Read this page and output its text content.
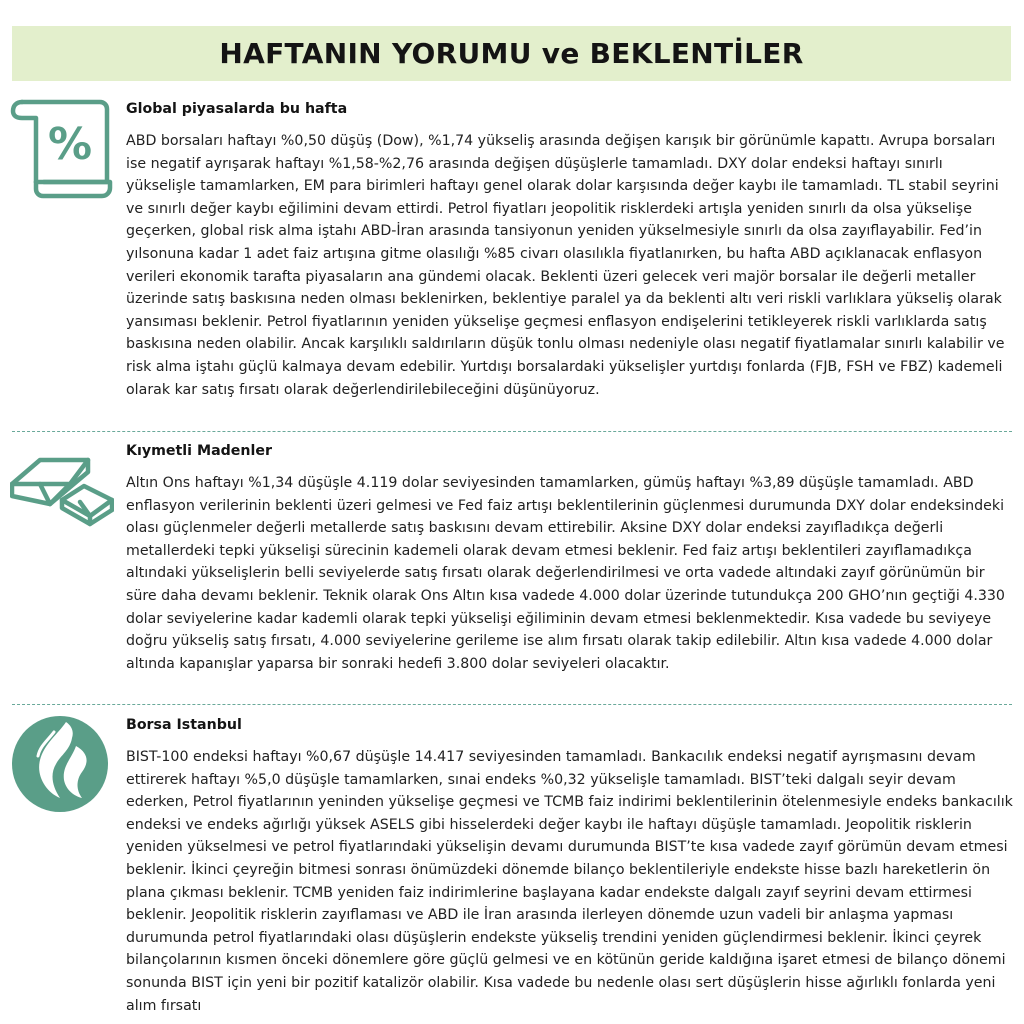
HAFTANIN YORUMU ve BEKLENTİLER
%
Global piyasalarda bu hafta

ABD borsaları haftayı %0,50 düşüş (Dow), %1,74 yükseliş arasında değişen karışık bir görünümle kapattı. Avrupa borsaları ise negatif ayrışarak haftayı %1,58-%2,76 arasında değişen düşüşlerle tamamladı. DXY dolar endeksi haftayı sınırlı yükselişle tamamlarken, EM para birimleri haftayı genel olarak dolar karşısında değer kaybı ile tamamladı. TL stabil seyrini ve sınırlı değer kaybı eğilimini devam ettirdi. Petrol fiyatları jeopolitik risklerdeki artışla yeniden sınırlı da olsa yükselişe geçerken, global risk alma iştahı ABD-İran arasında tansiyonun yeniden yükselmesiyle sınırlı da olsa zayıflayabilir. Fed’in yılsonuna kadar 1 adet faiz artışına gitme olasılığı %85 civarı olasılıkla fiyatlanırken, bu hafta ABD açıklanacak enflasyon verileri ekonomik tarafta piyasaların ana gündemi olacak. Beklenti üzeri gelecek veri majör borsalar ile değerli metaller üzerinde satış baskısına neden olması beklenirken, beklentiye paralel ya da beklenti altı veri riskli varlıklara yükseliş olarak yansıması beklenir. Petrol fiyatlarının yeniden yükselişe geçmesi enflasyon endişelerini tetikleyerek riskli varlıklarda satış baskısına neden olabilir. Ancak karşılıklı saldırıların düşük tonlu olması nedeniyle olası negatif fiyatlamalar sınırlı kalabilir ve risk alma iştahı güçlü kalmaya devam edebilir. Yurtdışı borsalardaki yükselişler yurtdışı fonlarda (FJB, FSH ve FBZ) kademeli olarak kar satış fırsatı olarak değerlendirilebileceğini düşünüyoruz.

Kıymetli Madenler

Altın Ons haftayı %1,34 düşüşle 4.119 dolar seviyesinden tamamlarken, gümüş haftayı %3,89 düşüşle tamamladı. ABD enflasyon verilerinin beklenti üzeri gelmesi ve Fed faiz artışı beklentilerinin güçlenmesi durumunda DXY dolar endeksindeki olası güçlenmeler değerli metallerde satış baskısını devam ettirebilir. Aksine DXY dolar endeksi zayıfladıkça değerli metallerdeki tepki yükselişi sürecinin kademeli olarak devam etmesi beklenir. Fed faiz artışı beklentileri zayıflamadıkça altındaki yükselişlerin belli seviyelerde satış fırsatı olarak değerlendirilmesi ve orta vadede altındaki zayıf görünümün bir süre daha devamı beklenir. Teknik olarak Ons Altın kısa vadede 4.000 dolar üzerinde tutundukça 200 GHO’nın geçtiği 4.330 dolar seviyelerine kadar kademli olarak tepki yükselişi eğiliminin devam etmesi beklenmektedir. Kısa vadede bu seviyeye doğru yükseliş satış fırsatı, 4.000 seviyelerine gerileme ise alım fırsatı olarak takip edilebilir. Altın kısa vadede 4.000 dolar altında kapanışlar yaparsa bir sonraki hedefi 3.800 dolar seviyeleri olacaktır.

Borsa Istanbul

BIST-100 endeksi haftayı %0,67 düşüşle 14.417 seviyesinden tamamladı. Bankacılık endeksi negatif ayrışmasını devam ettirerek haftayı %5,0 düşüşle tamamlarken, sınai endeks %0,32 yükselişle tamamladı. BIST’teki dalgalı seyir devam ederken, Petrol fiyatlarının yeninden yükselişe geçmesi ve TCMB faiz indirimi beklentilerinin ötelenmesiyle endeks bankacılık endeksi ve endeks ağırlığı yüksek ASELS gibi hisselerdeki değer kaybı ile haftayı düşüşle tamamladı. Jeopolitik risklerin yeniden yükselmesi ve petrol fiyatlarındaki yükselişin devamı durumunda BIST’te kısa vadede zayıf görümün devam etmesi beklenir. İkinci çeyreğin bitmesi sonrası önümüzdeki dönemde bilanço beklentileriyle endekste hisse bazlı hareketlerin ön plana çıkması beklenir. TCMB yeniden faiz indirimlerine başlayana kadar endekste dalgalı zayıf seyrini devam ettirmesi beklenir. Jeopolitik risklerin zayıflaması ve ABD ile İran arasında ilerleyen dönemde uzun vadeli bir anlaşma yapması durumunda petrol fiyatlarındaki olası düşüşlerin endekste yükseliş trendini yeniden güçlendirmesi beklenir. İkinci çeyrek bilançolarının kısmen önceki dönemlere göre güçlü gelmesi ve en kötünün geride kaldığına işaret etmesi de bilanço dönemi sonunda BIST için yeni bir pozitif katalizör olabilir. Kısa vadede bu nedenle olası sert düşüşlerin hisse ağırlıklı fonlarda yeni alım fırsatı
